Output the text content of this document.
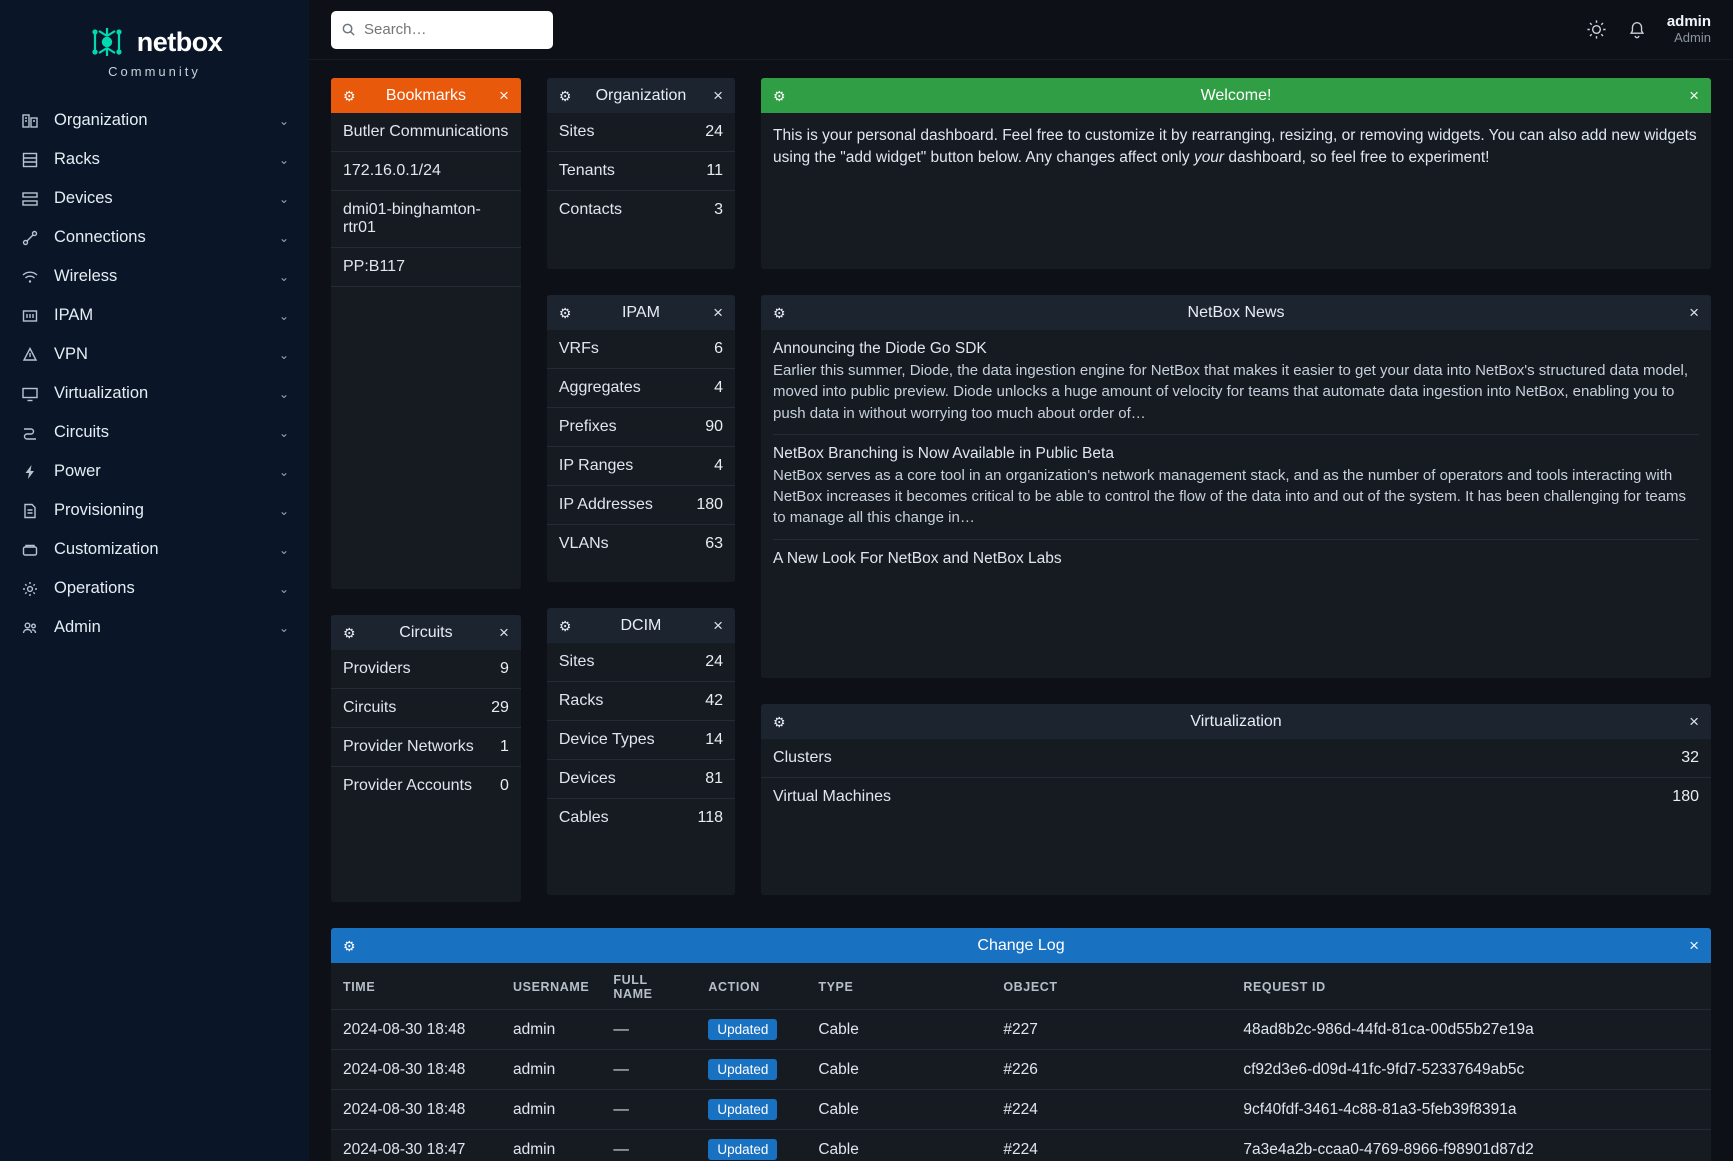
netbox
Community
Organization	⌄
Racks	⌄
Devices	⌄
Connections	⌄
Wireless	⌄
IPAM	⌄
VPN	⌄
Virtualization	⌄
Circuits	⌄
Power	⌄
Provisioning	⌄
Customization	⌄
Operations	⌄
Admin	⌄
Search…
admin
Admin
⚙	Bookmarks	×
Butler Communications
172.16.0.1/24
dmi01-binghamton-rtr01
PP:B117
⚙	Circuits	×
Providers	9
Circuits	29
Provider Networks 1
Provider Accounts 0
⚙	Organization	×
Sites	24
Tenants	11
Contacts	3
⚙	IPAM	×
VRFs	6
Aggregates	4
Prefixes	90
IP Ranges	4
IP Addresses	180
VLANs	63
⚙	DCIM	×
Sites	24
Racks	42
Device Types	14
Devices	81
Cables	118
⚙	Welcome!	×
This is your personal dashboard. Feel free to customize it by rearranging, resizing, or removing widgets. You can also add new widgets using the "add widget" button below. Any changes affect only your dashboard, so feel free to experiment!
⚙	NetBox News	×
Announcing the Diode Go SDK
Earlier this summer, Diode, the data ingestion engine for NetBox that makes it easier to get your data into NetBox's structured data model, moved into public preview. Diode unlocks a huge amount of velocity for teams that automate data ingestion into NetBox, enabling you to push data in without worrying too much about order of…
NetBox Branching is Now Available in Public Beta
NetBox serves as a core tool in an organization's network management stack, and as the number of operators and tools interacting with NetBox increases it becomes critical to be able to control the flow of the data into and out of the system. It has been challenging for teams to manage all this change in…
A New Look For NetBox and NetBox Labs
⚙	Virtualization	×
Clusters	32
Virtual Machines	180
⚙	Change Log	×
TIME	USERNAME	FULL NAME	ACTION	TYPE	OBJECT	REQUEST ID
2024-08-30 18:48	admin	—	Updated	Cable	#227	48ad8b2c-986d-44fd-81ca-00d55b27e19a
2024-08-30 18:48	admin	—	Updated	Cable	#226	cf92d3e6-d09d-41fc-9fd7-52337649ab5c
2024-08-30 18:48	admin	—	Updated	Cable	#224	9cf40fdf-3461-4c88-81a3-5feb39f8391a
2024-08-30 18:47	admin	—	Updated	Cable	#224	7a3e4a2b-ccaa0-4769-8966-f98901d87d2
